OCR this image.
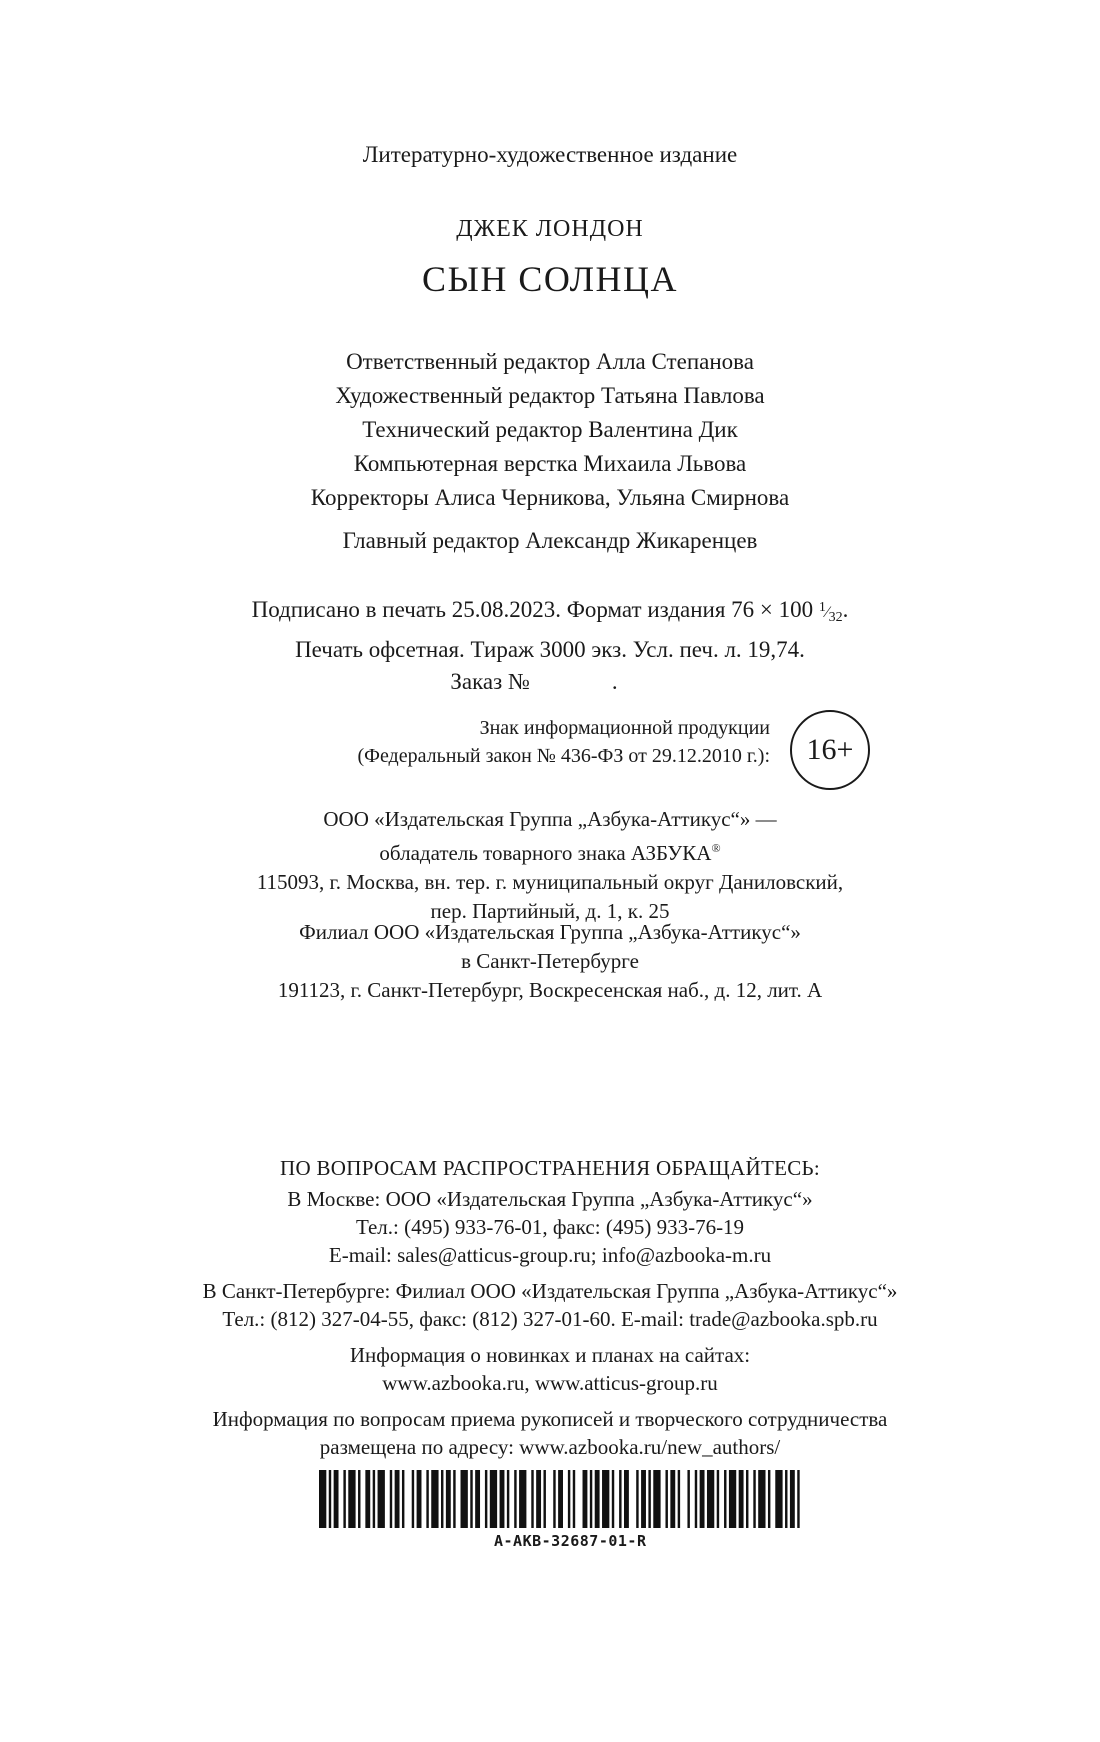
Литературно-художественное издание
ДЖЕК ЛОНДОН
СЫН СОЛНЦА
Ответственный редактор Алла Степанова
Художественный редактор Татьяна Павлова
Технический редактор Валентина Дик
Компьютерная верстка Михаила Львова
Корректоры Алиса Черникова, Ульяна Смирнова
Главный редактор Александр Жикаренцев
Подписано в печать 25.08.2023. Формат издания 76 × 100 $^1⁄_{32}$.
Печать офсетная. Тираж 3000 экз. Усл. печ. л. 19,74.
Заказ №	.
Знак информационной продукции
(Федеральный закон № 436-ФЗ от 29.12.2010 г.): 16+
ООО «Издательская Группа „Азбука-Аттикус“» —
обладатель товарного знака АЗБУКА®
115093, г. Москва, вн. тер. г. муниципальный округ Даниловский,
пер. Партийный, д. 1, к. 25
Филиал ООО «Издательская Группа „Азбука-Аттикус“»
в Санкт-Петербурге
191123, г. Санкт-Петербург, Воскресенская наб., д. 12, лит. А
ПО ВОПРОСАМ РАСПРОСТРАНЕНИЯ ОБРАЩАЙТЕСЬ:
В Москве: ООО «Издательская Группа „Азбука-Аттикус“»
Тел.: (495) 933-76-01, факс: (495) 933-76-19
E-mail: sales@atticus-group.ru; info@azbooka-m.ru
В Санкт-Петербурге: Филиал ООО «Издательская Группа „Азбука-Аттикус“»
Тел.: (812) 327-04-55, факс: (812) 327-01-60. E-mail: trade@azbooka.spb.ru
Информация о новинках и планах на сайтах:
www.azbooka.ru, www.atticus-group.ru
Информация по вопросам приема рукописей и творческого сотрудничества
размещена по адресу: www.azbooka.ru/new_authors/
A-AKB-32687-01-R
